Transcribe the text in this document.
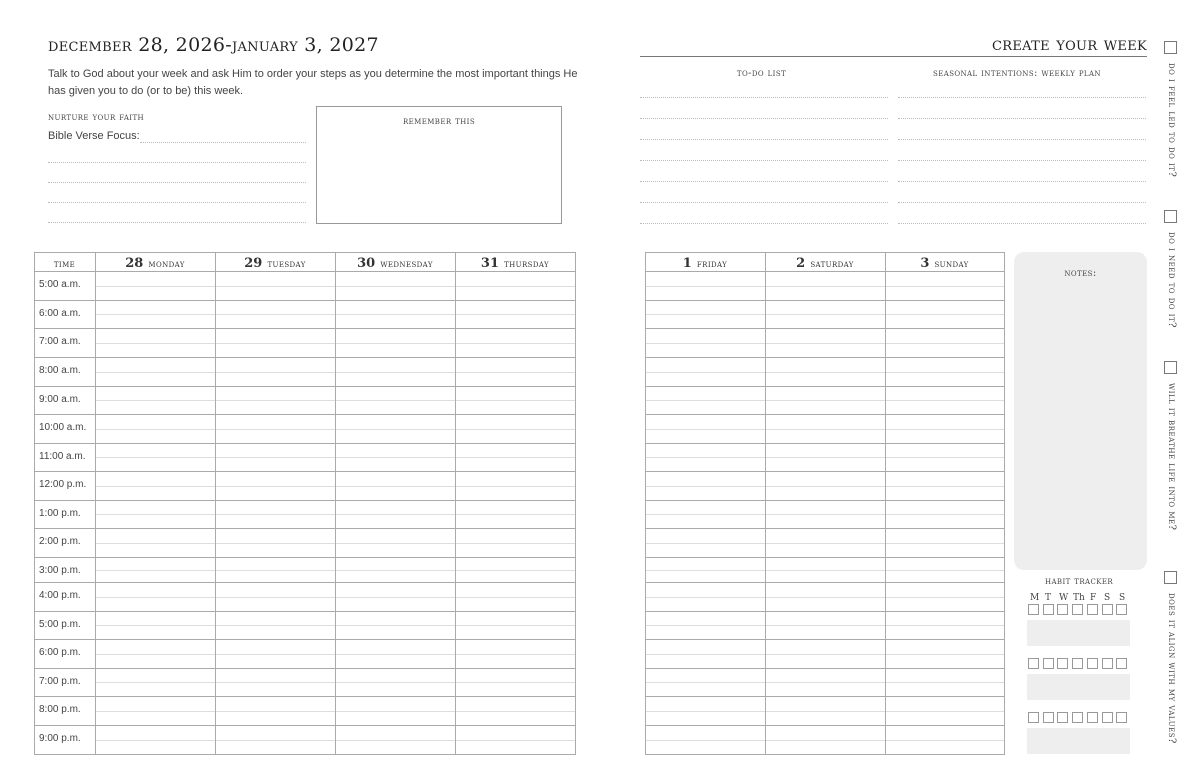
december 28, 2026-january 3, 2027	create your week
Talk to God about your week and ask Him to order your steps as you determine the most important things He has given you to do (or to be) this week.
nurture your faith
Bible Verse Focus:
remember this
to-do list	seasonal intentions: weekly plan
time	28 monday	29 tuesday	30 wednesday	31 thursday
5:00 a.m.
6:00 a.m.
7:00 a.m.
8:00 a.m.
9:00 a.m.
10:00 a.m.
11:00 a.m.
12:00 p.m.
1:00 p.m.
2:00 p.m.
3:00 p.m.
4:00 p.m.
5:00 p.m.
6:00 p.m.
7:00 p.m.
8:00 p.m.
9:00 p.m.
1 friday	2 saturday	3 sunday
notes:
habit tracker
M T W Th F S S
do i feel led to do it?
do i need to do it?
will it breathe life into me?
does it align with my values?
